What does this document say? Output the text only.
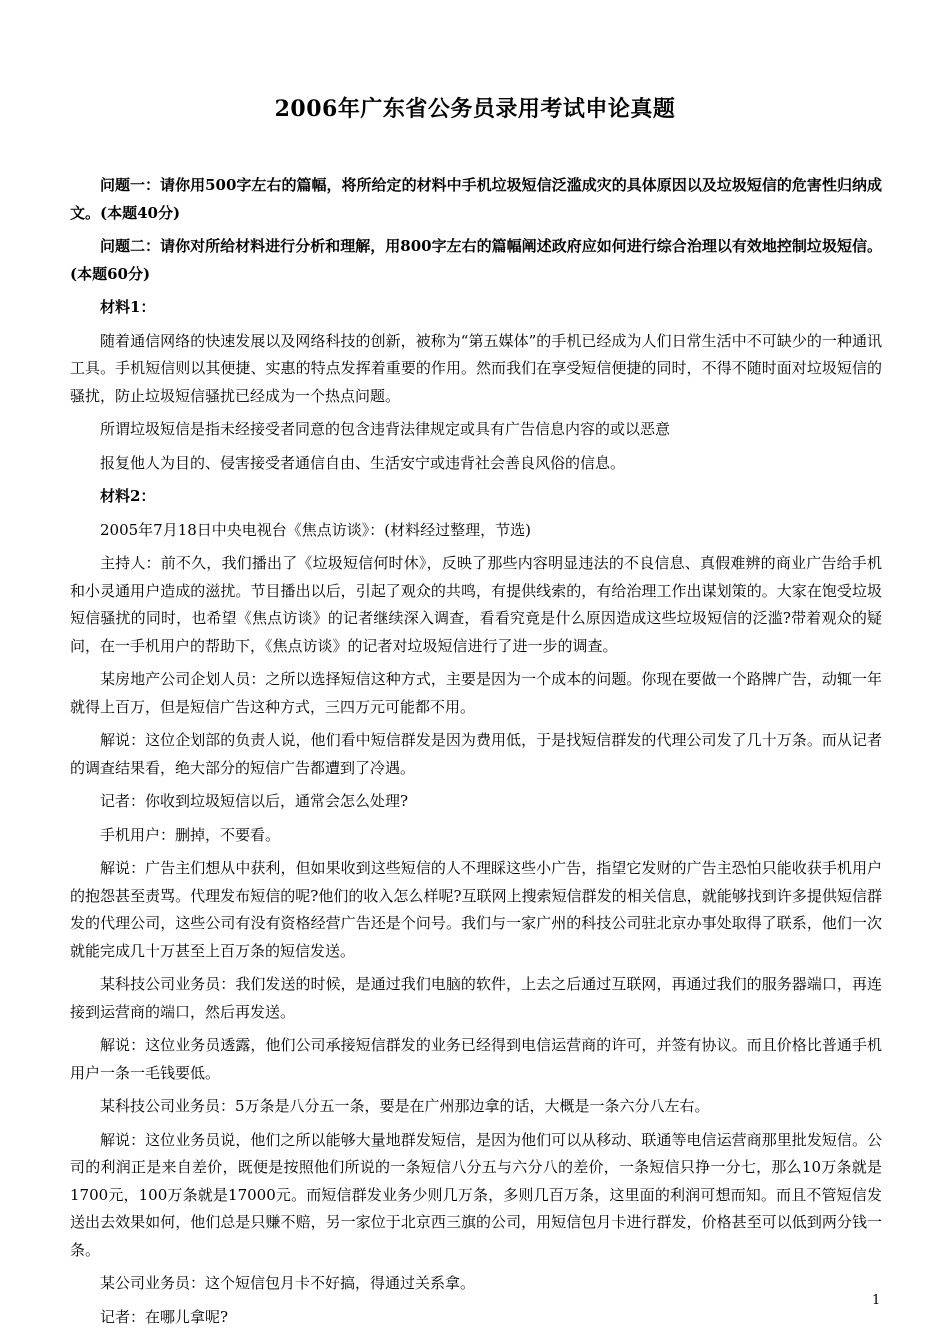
2006年广东省公务员录用考试申论真题

问题一：请你用500字左右的篇幅，将所给定的材料中手机垃圾短信泛滥成灾的具体原因以及垃圾短信的危害性归纳成文。(本题40分)

问题二：请你对所给材料进行分析和理解，用800字左右的篇幅阐述政府应如何进行综合治理以有效地控制垃圾短信。(本题60分)

材料1：

随着通信网络的快速发展以及网络科技的创新，被称为“第五媒体”的手机已经成为人们日常生活中不可缺少的一种通讯工具。手机短信则以其便捷、实惠的特点发挥着重要的作用。然而我们在享受短信便捷的同时，不得不随时面对垃圾短信的骚扰，防止垃圾短信骚扰已经成为一个热点问题。

所谓垃圾短信是指未经接受者同意的包含违背法律规定或具有广告信息内容的或以恶意

报复他人为目的、侵害接受者通信自由、生活安宁或违背社会善良风俗的信息。

材料2：

2005年7月18日中央电视台《焦点访谈》：(材料经过整理，节选)

主持人：前不久，我们播出了《垃圾短信何时休》，反映了那些内容明显违法的不良信息、真假难辨的商业广告给手机和小灵通用户造成的滋扰。节目播出以后，引起了观众的共鸣，有提供线索的，有给治理工作出谋划策的。大家在饱受垃圾短信骚扰的同时，也希望《焦点访谈》的记者继续深入调查，看看究竟是什么原因造成这些垃圾短信的泛滥?带着观众的疑问，在一手机用户的帮助下，《焦点访谈》的记者对垃圾短信进行了进一步的调查。

某房地产公司企划人员：之所以选择短信这种方式，主要是因为一个成本的问题。你现在要做一个路牌广告，动辄一年就得上百万，但是短信广告这种方式，三四万元可能都不用。

解说：这位企划部的负责人说，他们看中短信群发是因为费用低，于是找短信群发的代理公司发了几十万条。而从记者的调查结果看，绝大部分的短信广告都遭到了冷遇。

记者：你收到垃圾短信以后，通常会怎么处理?

手机用户：删掉，不要看。

解说：广告主们想从中获利，但如果收到这些短信的人不理睬这些小广告，指望它发财的广告主恐怕只能收获手机用户的抱怨甚至责骂。代理发布短信的呢?他们的收入怎么样呢?互联网上搜索短信群发的相关信息，就能够找到许多提供短信群发的代理公司，这些公司有没有资格经营广告还是个问号。我们与一家广州的科技公司驻北京办事处取得了联系，他们一次就能完成几十万甚至上百万条的短信发送。

某科技公司业务员：我们发送的时候，是通过我们电脑的软件，上去之后通过互联网，再通过我们的服务器端口，再连接到运营商的端口，然后再发送。

解说：这位业务员透露，他们公司承接短信群发的业务已经得到电信运营商的许可，并签有协议。而且价格比普通手机用户一条一毛钱要低。

某科技公司业务员：5万条是八分五一条，要是在广州那边拿的话，大概是一条六分八左右。

解说：这位业务员说，他们之所以能够大量地群发短信，是因为他们可以从移动、联通等电信运营商那里批发短信。公司的利润正是来自差价，既便是按照他们所说的一条短信八分五与六分八的差价，一条短信只挣一分七，那么10万条就是1700元，100万条就是17000元。而短信群发业务少则几万条，多则几百万条，这里面的利润可想而知。而且不管短信发送出去效果如何，他们总是只赚不赔，另一家位于北京西三旗的公司，用短信包月卡进行群发，价格甚至可以低到两分钱一条。

某公司业务员：这个短信包月卡不好搞，得通过关系拿。

记者：在哪儿拿呢?

1
